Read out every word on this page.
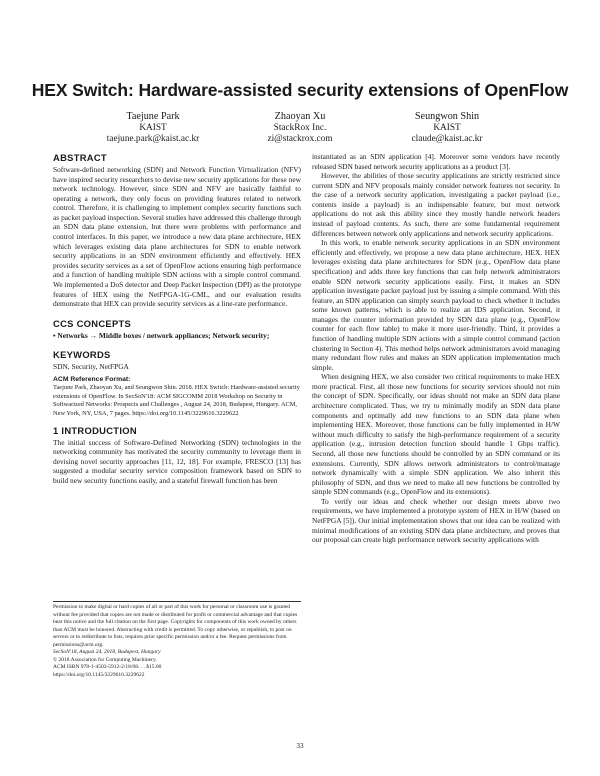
HEX Switch: Hardware-assisted security extensions of OpenFlow
Taejune Park
KAIST
taejune.park@kaist.ac.kr
Zhaoyan Xu
StackRox Inc.
zi@stackrox.com
Seungwon Shin
KAIST
claude@kaist.ac.kr
ABSTRACT

Software-defined networking (SDN) and Network Function Virtualization (NFV) have inspired security researchers to devise new security applications for these new network technology. However, since SDN and NFV are basically faithful to operating a network, they only focus on providing features related to network control. Therefore, it is challenging to implement complex security functions such as packet payload inspection. Several studies have addressed this challenge through an SDN data plane extension, but there were problems with performance and control interfaces. In this paper, we introduce a new data plane architecture, HEX which leverages existing data plane architectures for SDN to enable network security applications in an SDN environment efficiently and effectively. HEX provides security services as a set of OpenFlow actions ensuring high performance and a function of handling multiple SDN actions with a simple control command. We implemented a DoS detector and Deep Packet Inspection (DPI) as the prototype features of HEX using the NetFPGA-1G-CML, and our evaluation results demonstrate that HEX can provide security services as a line-rate performance.

CCS CONCEPTS

• Networks → Middle boxes / network appliances; Network security;

KEYWORDS

SDN, Security, NetFPGA

ACM Reference Format:

Taejune Park, Zhaoyan Xu, and Seungwon Shin. 2018. HEX Switch: Hardware-assisted security extensions of OpenFlow. In SecSoN'18: ACM SIGCOMM 2018 Workshop on Security in Softwarized Networks: Prospects and Challenges , August 24, 2018, Budapest, Hungary. ACM, New York, NY, USA, 7 pages. https://doi.org/10.1145/3229616.3229622

1 INTRODUCTION

The initial success of Software-Defined Networking (SDN) technologies in the networking community has motivated the security community to leverage them in devising novel security approaches [11, 12, 18]. For example, FRESCO [13] has suggested a modular security service composition framework based on SDN to build new security functions easily, and a stateful firewall function has been

Permission to make digital or hard copies of all or part of this work for personal or classroom use is granted without fee provided that copies are not made or distributed for profit or commercial advantage and that copies bear this notice and the full citation on the first page. Copyrights for components of this work owned by others than ACM must be honored. Abstracting with credit is permitted. To copy otherwise, or republish, to post on servers or to redistribute to lists, requires prior specific permission and/or a fee. Request permissions from permissions@acm.org.
SecSoN'18, August 24, 2018, Budapest, Hungary
© 2018 Association for Computing Machinery.
ACM ISBN 978-1-4503-5912-2/18/08. . . $15.00
https://doi.org/10.1145/3229616.3229622

instantiated as an SDN application [4]. Moreover some vendors have recently released SDN based network security applications as a product [3].

However, the abilities of those security applications are strictly restricted since current SDN and NFV proposals mainly consider network features not security. In the case of a network security application, investigating a packet payload (i.e., contents inside a payload) is an indispensable feature, but most network applications do not ask this ability since they mostly handle network headers instead of payload contents. As such, there are some fundamental requirement differences between network only applications and network security applications.

In this work, to enable network security applications in an SDN environment efficiently and effectively, we propose a new data plane architecture, HEX. HEX leverages existing data plane architectures for SDN (e.g., OpenFlow data plane specification) and adds three key functions that can help network administrators enable SDN network security applications easily. First, it makes an SDN application investigate packet payload just by issuing a simple command. With this feature, an SDN application can simply search payload to check whether it includes some known patterns, which is able to realize an IDS application. Second, it manages the counter information provided by SDN data plane (e.g., OpenFlow counter for each flow table) to make it more user-friendly. Third, it provides a function of handling multiple SDN actions with a simple control command (action clustering in Section 4). This method helps network administrators avoid managing many redundant flow rules and makes an SDN application implementation much simple.

When designing HEX, we also consider two critical requirements to make HEX more practical. First, all those new functions for security services should not ruin the concept of SDN. Specifically, our ideas should not make an SDN data plane architecture complicated. Thus, we try to minimally modify an SDN data plane components and optimally add new functions to an SDN data plane when implementing HEX. Moreover, those functions can be fully implemented in H/W without much difficulty to satisfy the high-performance requirement of a security application (e.g., intrusion detection function should handle 1 Gbps traffic). Second, all those new functions should be controlled by an SDN command or its extensions. Currently, SDN allows network administrators to control/manage network dynamically with a simple SDN application. We also inherit this philosophy of SDN, and thus we need to make all new functions be controlled by simple SDN commands (e.g., OpenFlow and its extensions).

To verify our ideas and check whether our design meets above two requirements, we have implemented a prototype system of HEX in H/W (based on NetFPGA [5]). Our initial implementation shows that our idea can be realized with minimal modifications of an existing SDN data plane architecture, and proves that our proposal can create high performance network security applications with

33
